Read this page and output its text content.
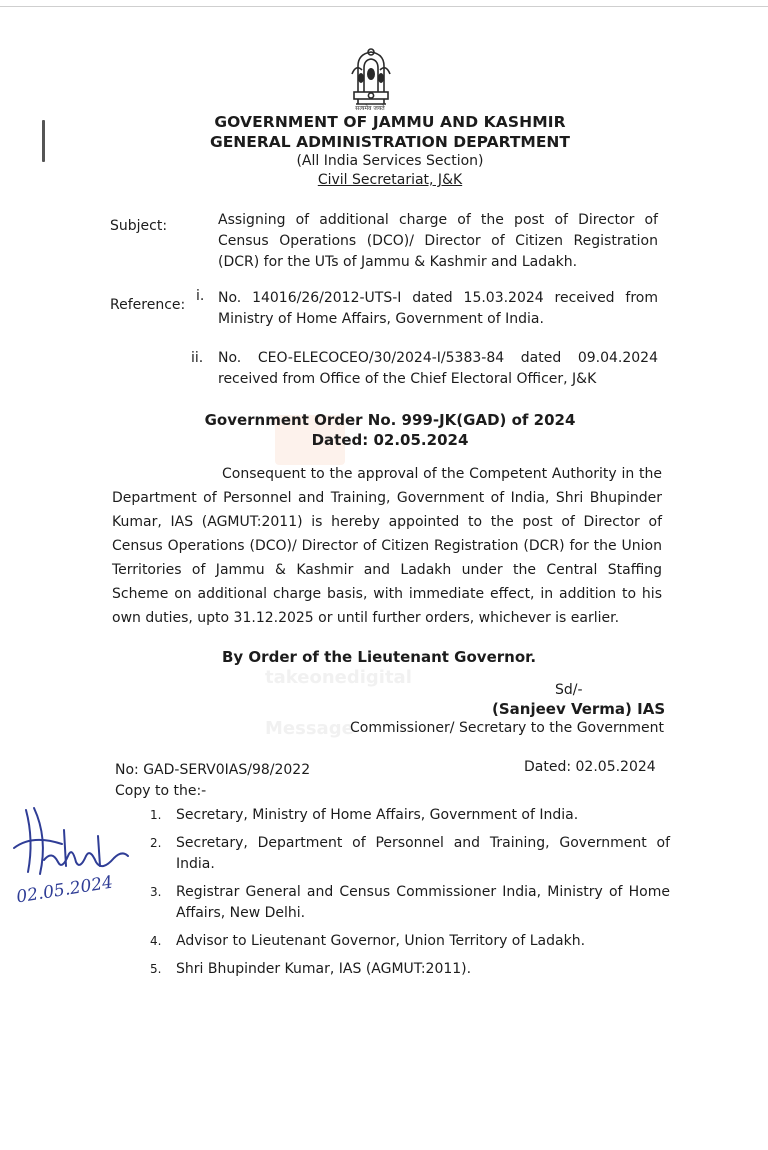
takeonedigital
Message
सत्यमेव जयते
GOVERNMENT OF JAMMU AND KASHMIR
GENERAL ADMINISTRATION DEPARTMENT
(All India Services Section)
Civil Secretariat, J&K
Subject:	Assigning of additional charge of the post of Director of Census Operations (DCO)/ Director of Citizen Registration (DCR) for the UTs of Jammu & Kashmir and Ladakh.
Reference:
i. No. 14016/26/2012-UTS-I dated 15.03.2024 received from Ministry of Home Affairs, Government of India.
ii. No. CEO-ELECOCEO/30/2024-I/5383-84 dated 09.04.2024 received from Office of the Chief Electoral Officer, J&K
Government Order No. 999-JK(GAD) of 2024
Dated: 02.05.2024
Consequent to the approval of the Competent Authority in the Department of Personnel and Training, Government of India, Shri Bhupinder Kumar, IAS (AGMUT:2011) is hereby appointed to the post of Director of Census Operations (DCO)/ Director of Citizen Registration (DCR) for the Union Territories of Jammu & Kashmir and Ladakh under the Central Staffing Scheme on additional charge basis, with immediate effect, in addition to his own duties, upto 31.12.2025 or until further orders, whichever is earlier.
By Order of the Lieutenant Governor.
Sd/-
(Sanjeev Verma) IAS
Commissioner/ Secretary to the Government
No: GAD-SERV0IAS/98/2022	Dated: 02.05.2024
Copy to the:-
1. Secretary, Ministry of Home Affairs, Government of India.
2. Secretary, Department of Personnel and Training, Government of India.
3. Registrar General and Census Commissioner India, Ministry of Home Affairs, New Delhi.
4. Advisor to Lieutenant Governor, Union Territory of Ladakh.
5. Shri Bhupinder Kumar, IAS (AGMUT:2011).
02.05.2024
